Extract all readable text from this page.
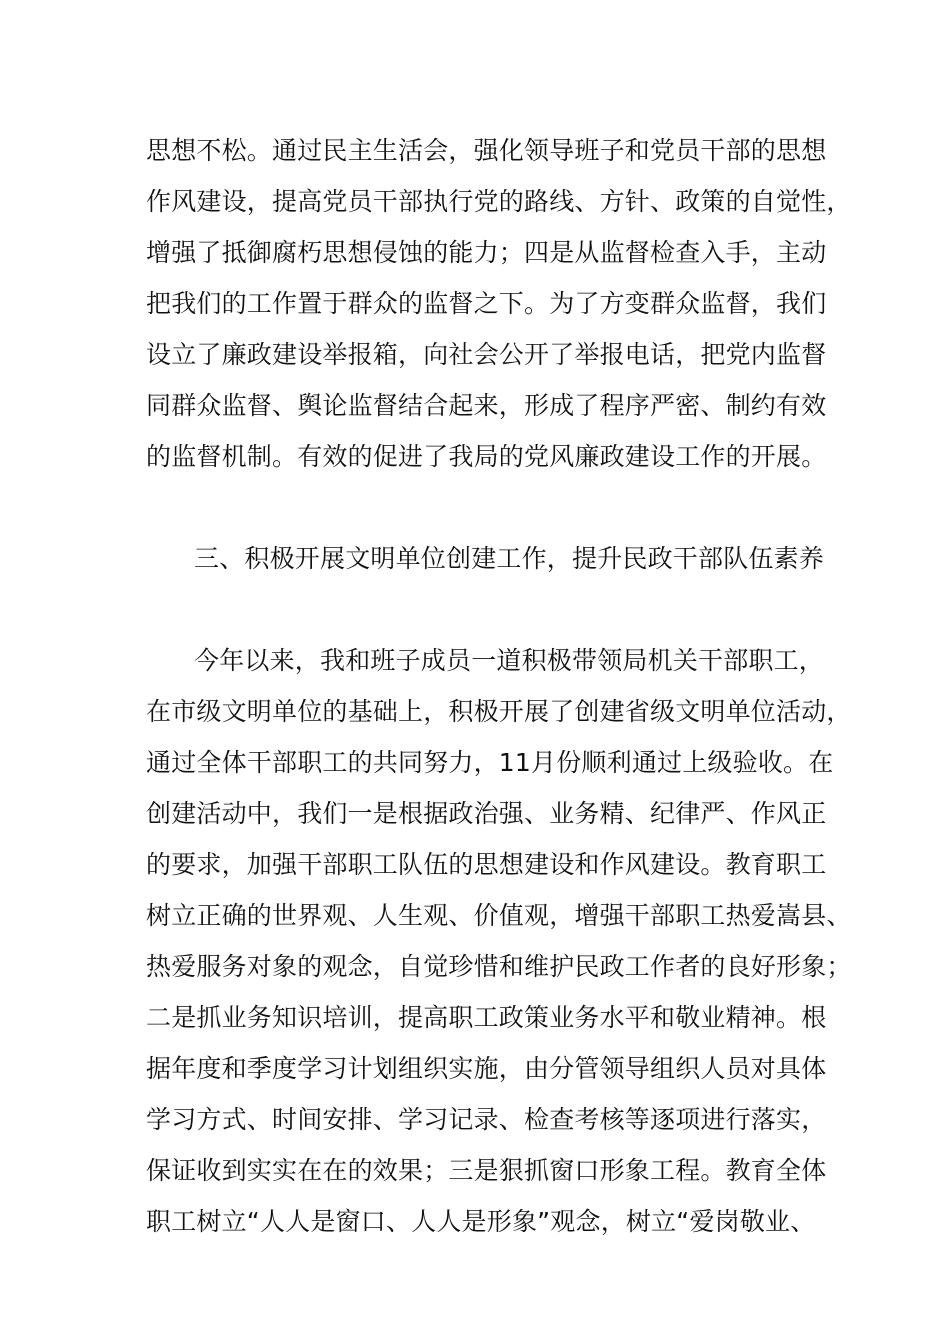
思想不松。通过民主生活会，强化领导班子和党员干部的思想
作风建设，提高党员干部执行党的路线、方针、政策的自觉性，
增强了抵御腐朽思想侵蚀的能力；四是从监督检查入手，主动
把我们的工作置于群众的监督之下。为了方变群众监督，我们
设立了廉政建设举报箱，向社会公开了举报电话，把党内监督
同群众监督、舆论监督结合起来，形成了程序严密、制约有效
的监督机制。有效的促进了我局的党风廉政建设工作的开展。
三、积极开展文明单位创建工作，提升民政干部队伍素养
今年以来，我和班子成员一道积极带领局机关干部职工，
在市级文明单位的基础上，积极开展了创建省级文明单位活动，
通过全体干部职工的共同努力，11月份顺利通过上级验收。在
创建活动中，我们一是根据政治强、业务精、纪律严、作风正
的要求，加强干部职工队伍的思想建设和作风建设。教育职工
树立正确的世界观、人生观、价值观，增强干部职工热爱嵩县、
热爱服务对象的观念，自觉珍惜和维护民政工作者的良好形象；
二是抓业务知识培训，提高职工政策业务水平和敬业精神。根
据年度和季度学习计划组织实施，由分管领导组织人员对具体
学习方式、时间安排、学习记录、检查考核等逐项进行落实，
保证收到实实在在的效果；三是狠抓窗口形象工程。教育全体
职工树立“人人是窗口、人人是形象”观念，树立“爱岗敬业、
